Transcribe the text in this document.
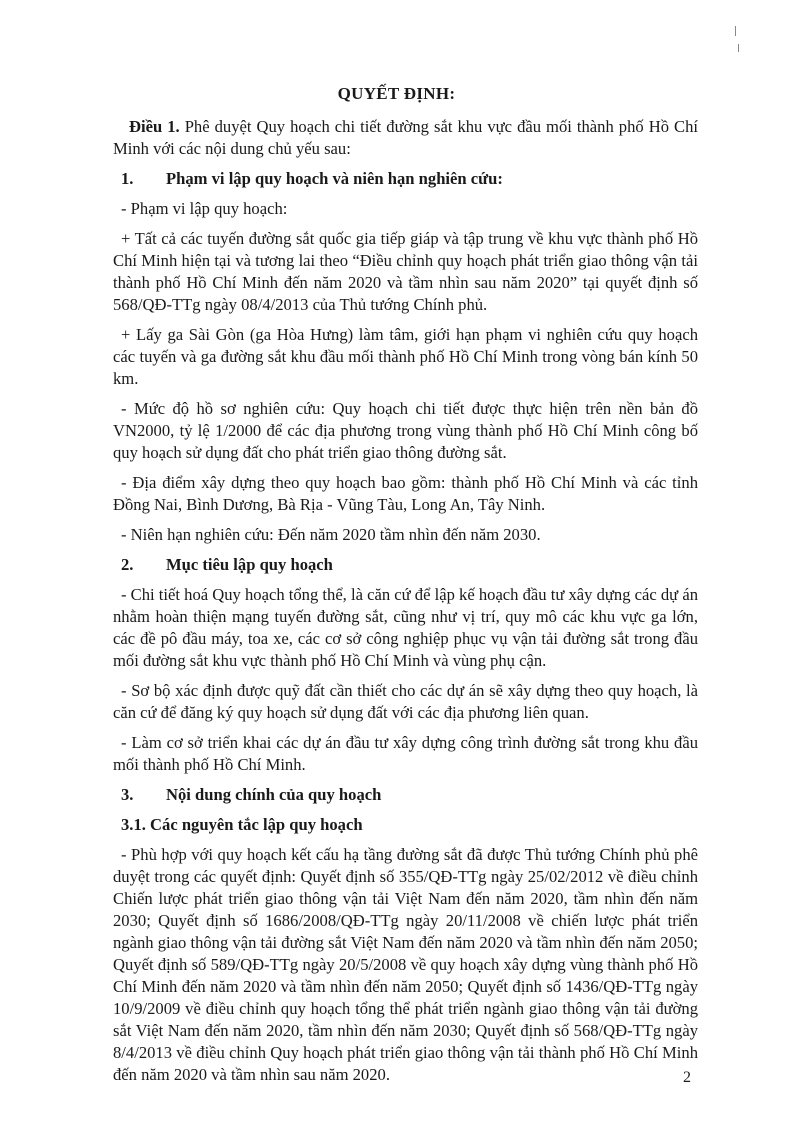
QUYẾT ĐỊNH:

Điều 1. Phê duyệt Quy hoạch chi tiết đường sắt khu vực đầu mối thành phố Hồ Chí Minh với các nội dung chủ yếu sau:

1.	Phạm vi lập quy hoạch và niên hạn nghiên cứu:

- Phạm vi lập quy hoạch:

+ Tất cả các tuyến đường sắt quốc gia tiếp giáp và tập trung về khu vực thành phố Hồ Chí Minh hiện tại và tương lai theo “Điều chỉnh quy hoạch phát triển giao thông vận tải thành phố Hồ Chí Minh đến năm 2020 và tầm nhìn sau năm 2020” tại quyết định số 568/QĐ-TTg ngày 08/4/2013 của Thủ tướng Chính phủ.

+ Lấy ga Sài Gòn (ga Hòa Hưng) làm tâm, giới hạn phạm vi nghiên cứu quy hoạch các tuyến và ga đường sắt khu đầu mối thành phố Hồ Chí Minh trong vòng bán kính 50 km.

- Mức độ hồ sơ nghiên cứu: Quy hoạch chi tiết được thực hiện trên nền bản đồ VN2000, tỷ lệ 1/2000 để các địa phương trong vùng thành phố Hồ Chí Minh công bố quy hoạch sử dụng đất cho phát triển giao thông đường sắt.

- Địa điểm xây dựng theo quy hoạch bao gồm: thành phố Hồ Chí Minh và các tỉnh Đồng Nai, Bình Dương, Bà Rịa - Vũng Tàu, Long An, Tây Ninh.

- Niên hạn nghiên cứu: Đến năm 2020 tầm nhìn đến năm 2030.

2.	Mục tiêu lập quy hoạch

- Chi tiết hoá Quy hoạch tổng thể, là căn cứ để lập kế hoạch đầu tư xây dựng các dự án nhằm hoàn thiện mạng tuyến đường sắt, cũng như vị trí, quy mô các khu vực ga lớn, các đề pô đầu máy, toa xe, các cơ sở công nghiệp phục vụ vận tải đường sắt trong đầu mối đường sắt khu vực thành phố Hồ Chí Minh và vùng phụ cận.

- Sơ bộ xác định được quỹ đất cần thiết cho các dự án sẽ xây dựng theo quy hoạch, là căn cứ để đăng ký quy hoạch sử dụng đất với các địa phương liên quan.

- Làm cơ sở triển khai các dự án đầu tư xây dựng công trình đường sắt trong khu đầu mối thành phố Hồ Chí Minh.

3.	Nội dung chính của quy hoạch
3.1. Các nguyên tắc lập quy hoạch

- Phù hợp với quy hoạch kết cấu hạ tầng đường sắt đã được Thủ tướng Chính phủ phê duyệt trong các quyết định: Quyết định số 355/QĐ-TTg ngày 25/02/2012 về điều chỉnh Chiến lược phát triển giao thông vận tải Việt Nam đến năm 2020, tầm nhìn đến năm 2030; Quyết định số 1686/2008/QĐ-TTg ngày 20/11/2008 về chiến lược phát triển ngành giao thông vận tải đường sắt Việt Nam đến năm 2020 và tầm nhìn đến năm 2050; Quyết định số 589/QĐ-TTg ngày 20/5/2008 về quy hoạch xây dựng vùng thành phố Hồ Chí Minh đến năm 2020 và tầm nhìn đến năm 2050; Quyết định số 1436/QĐ-TTg ngày 10/9/2009 về điều chỉnh quy hoạch tổng thể phát triển ngành giao thông vận tải đường sắt Việt Nam đến năm 2020, tầm nhìn đến năm 2030; Quyết định số 568/QĐ-TTg ngày 8/4/2013 về điều chỉnh Quy hoạch phát triển giao thông vận tải thành phố Hồ Chí Minh đến năm 2020 và tầm nhìn sau năm 2020.	2
